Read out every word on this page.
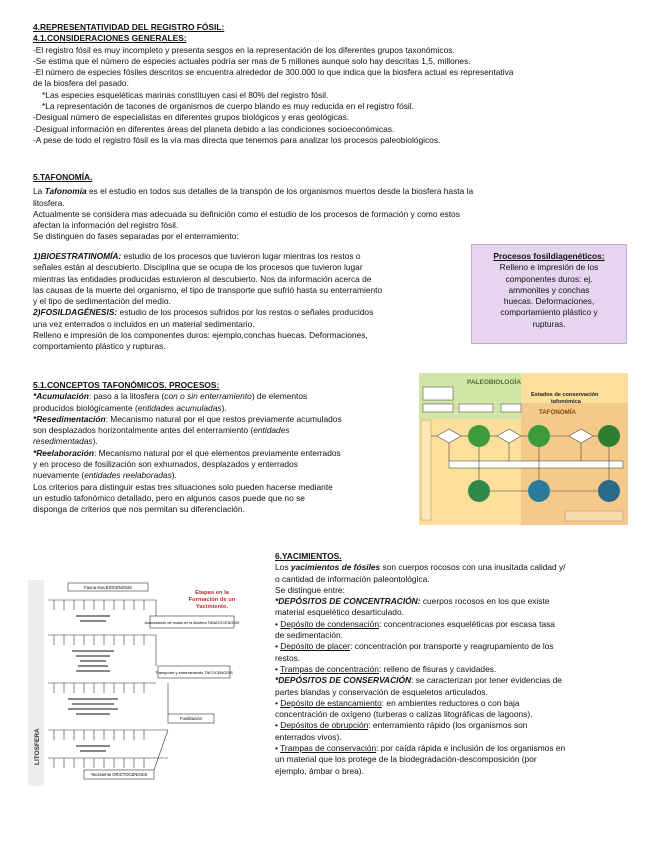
4.REPRESENTATIVIDAD DEL REGISTRO FÓSIL:

4.1.CONSIDERACIONES GENERALES:

-El registro fósil es muy incompleto y presenta sesgos en la representación de los diferentes grupos taxonómicos.

-Se estima que el número de especies actuales podría ser mas de 5 millones aunque solo hay descritas 1,5, millones.

-El número de especies fósiles descritos se encuentra alrededor de 300.000 lo que indica que la biosfera actual es representativa

de la biosfera del pasado.

*Las especies esqueléticas marinas constituyen casi el 80% del registro fósil.

*La representación de tacones de organismos de cuerpo blando es muy reducida en el registro fósil.

-Desigual número de especialistas en diferentes grupos biológicos y eras geológicas.

-Desigual información en diferentes áreas del planeta debido a las condiciones socioeconómicas.

-A pese de todo el registro fósil es la vía mas directa que tenemos para analizar los procesos paleobiológicos.

5.TAFONOMÍA.

La Tafonomía es el estudio en todos sus detalles de la transpón de los organismos muertos desde la biosfera hasta la

litosfera.

Actualmente se considera mas adecuada su definición como el estudio de los procesos de formación y como estos

afectan la información del registro fósil.

Se distinguen do fases separadas por el enterramiento:

1)BIOESTRATINOMÍA: estudio de los procesos que tuvieron lugar mientras los restos o

señales están al descubierto. Disciplina que se ocupa de los procesos que tuvieron lugar

mientras las entidades producidas estuvieron al descubierto. Nos da información acerca de

las causas de la muerte del organismo, el tipo de transporte que sufrió hasta su enterramiento

y el tipo de sedimentación del medio.

2)FOSILDAGÉNESIS: estudio de los procesos sufridos por los restos o señales producidos

una vez enterrados o incluidos en un material sedimentario.

Relleno e impresión de los componentes duros: ejemplo,conchas huecas. Deformaciones,

comportamiento plástico y rupturas.

Procesos fosildiagenéticos:
Relleno e impresión de los
componentes duros: ej.
ammonites y conchas
huecas. Deformaciones,
comportamiento plástico y
rupturas.

5.1.CONCEPTOS TAFONÓMICOS. PROCESOS:

*Acumulación: paso a la litosfera (con o sin enterramiento) de elementos

producidos biológicamente (entidades acumuladas).

*Resedimentación: Mecanismo natural por el que restos previamente acumulados

son desplazados horizontalmente antes del enterramiento (entidades

resedimentadas).

*Reelaboración: Mecanismo natural por el que elementos previamente enterrados

y en proceso de fosilización son exhumados, desplazados y enterrados

nuevamente (entidades reelaboradas).

Los criterios para distinguir estas tres situaciones solo pueden hacerse mediante

un estudio tafonómico detallado, pero en algunos casos puede que no se

disponga de criterios que nos permitan su diferenciación.

PALEOBIOLOGÍA
Estados de conservación
tafonómica
TAFONOMÍA
LITOSFERA
Etapas en la
Formación de un
Yacimiento.
Fauna viva BIOCENOSIS
Acumulación de restos en la litosfera TANATOCENOSIS
Transporte y enterramiento TAFOCENOSIS
Fosilización
Yacimiento ORICTOCENOSIS

6.YACIMIENTOS.

Los yacimientos de fósiles son cuerpos rocosos con una inusitada calidad y/

o cantidad de información paleontológica.

Se distingue entre:

*DEPÓSITOS DE CONCENTRACIÓN: cuerpos rocosos en los que existe

material esquelético desarticulado.

• Depósito de condensación: concentraciones esqueléticas por escasa tasa

de sedimentación.

• Depósito de placer: concentración por transporte y reagrupamiento de los

restos.

• Trampas de concentración: relleno de fisuras y cavidades.

*DEPÓSITOS DE CONSERVACIÓN: se caracterizan por tener evidencias de

partes blandas y conservación de esqueletos articulados.

• Depósito de estancamiento: en ambientes reductores o con baja

concentración de oxígeno (turberas o calizas litográficas de lagoons).

• Depósitos de obrupción: enterramiento rápido (los organismos son

enterrados vivos).

• Trampas de conservación: por caída rápida e inclusión de los organismos en

un material que los protege de la biodegradación-descomposición (por

ejemplo, ámbar o brea).
